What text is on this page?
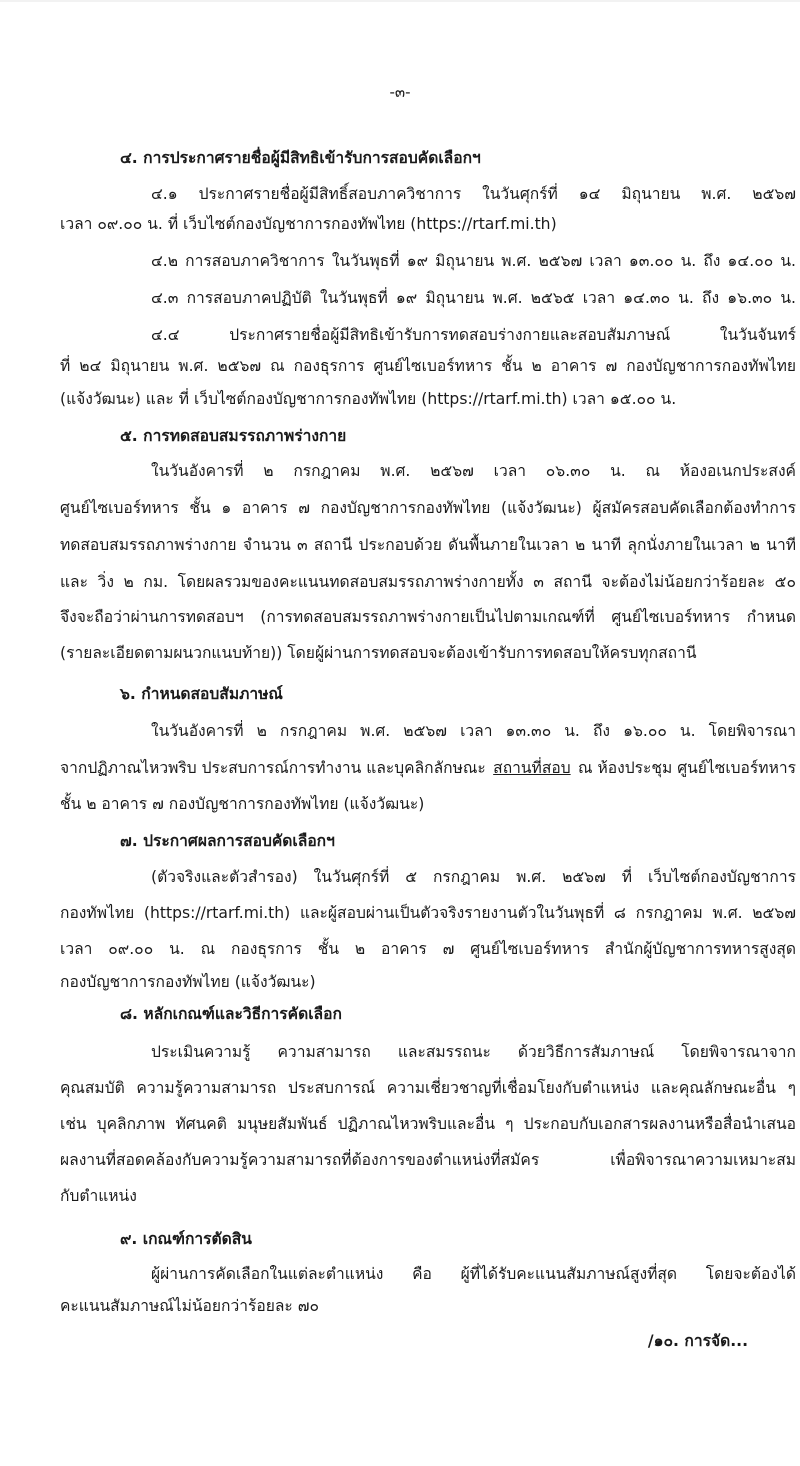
-๓-
๔. การประกาศรายชื่อผู้มีสิทธิเข้ารับการสอบคัดเลือกฯ
๔.๑ ประกาศรายชื่อผู้มีสิทธิ์สอบภาควิชาการ ในวันศุกร์ที่ ๑๔ มิถุนายน พ.ศ. ๒๕๖๗
เวลา ๐๙.๐๐ น. ที่ เว็บไซต์กองบัญชาการกองทัพไทย (https://rtarf.mi.th)
๔.๒ การสอบภาควิชาการ ในวันพุธที่ ๑๙ มิถุนายน พ.ศ. ๒๕๖๗ เวลา ๑๓.๐๐ น. ถึง ๑๔.๐๐ น.
๔.๓ การสอบภาคปฏิบัติ ในวันพุธที่ ๑๙ มิถุนายน พ.ศ. ๒๕๖๕ เวลา ๑๔.๓๐ น. ถึง ๑๖.๓๐ น.
๔.๔ ประกาศรายชื่อผู้มีสิทธิเข้ารับการทดสอบร่างกายและสอบสัมภาษณ์ ในวันจันทร์
ที่ ๒๔ มิถุนายน พ.ศ. ๒๕๖๗ ณ กองธุรการ ศูนย์ไซเบอร์ทหาร ชั้น ๒ อาคาร ๗ กองบัญชาการกองทัพไทย
(แจ้งวัฒนะ) และ ที่ เว็บไซต์กองบัญชาการกองทัพไทย (https://rtarf.mi.th) เวลา ๑๕.๐๐ น.
๕. การทดสอบสมรรถภาพร่างกาย
ในวันอังคารที่ ๒ กรกฎาคม พ.ศ. ๒๕๖๗ เวลา ๐๖.๓๐ น. ณ ห้องอเนกประสงค์
ศูนย์ไซเบอร์ทหาร ชั้น ๑ อาคาร ๗ กองบัญชาการกองทัพไทย (แจ้งวัฒนะ) ผู้สมัครสอบคัดเลือกต้องทำการ
ทดสอบสมรรถภาพร่างกาย จำนวน ๓ สถานี ประกอบด้วย ดันพื้นภายในเวลา ๒ นาที ลุกนั่งภายในเวลา ๒ นาที
และ วิ่ง ๒ กม. โดยผลรวมของคะแนนทดสอบสมรรถภาพร่างกายทั้ง ๓ สถานี จะต้องไม่น้อยกว่าร้อยละ ๕๐
จึงจะถือว่าผ่านการทดสอบฯ (การทดสอบสมรรถภาพร่างกายเป็นไปตามเกณฑ์ที่ ศูนย์ไซเบอร์ทหาร กำหนด
(รายละเอียดตามผนวกแนบท้าย)) โดยผู้ผ่านการทดสอบจะต้องเข้ารับการทดสอบให้ครบทุกสถานี
๖. กำหนดสอบสัมภาษณ์
ในวันอังคารที่ ๒ กรกฎาคม พ.ศ. ๒๕๖๗ เวลา ๑๓.๓๐ น. ถึง ๑๖.๐๐ น. โดยพิจารณา
จากปฏิภาณไหวพริบ ประสบการณ์การทำงาน และบุคลิกลักษณะ สถานที่สอบ ณ ห้องประชุม ศูนย์ไซเบอร์ทหาร
ชั้น ๒ อาคาร ๗ กองบัญชาการกองทัพไทย (แจ้งวัฒนะ)
๗. ประกาศผลการสอบคัดเลือกฯ
(ตัวจริงและตัวสำรอง) ในวันศุกร์ที่ ๕ กรกฎาคม พ.ศ. ๒๕๖๗ ที่ เว็บไซต์กองบัญชาการ
กองทัพไทย (https://rtarf.mi.th) และผู้สอบผ่านเป็นตัวจริงรายงานตัวในวันพุธที่ ๘ กรกฎาคม พ.ศ. ๒๕๖๗
เวลา ๐๙.๐๐ น. ณ กองธุรการ ชั้น ๒ อาคาร ๗ ศูนย์ไซเบอร์ทหาร สำนักผู้บัญชาการทหารสูงสุด
กองบัญชาการกองทัพไทย (แจ้งวัฒนะ)
๘. หลักเกณฑ์และวิธีการคัดเลือก
ประเมินความรู้ ความสามารถ และสมรรถนะ ด้วยวิธีการสัมภาษณ์ โดยพิจารณาจาก
คุณสมบัติ ความรู้ความสามารถ ประสบการณ์ ความเชี่ยวชาญที่เชื่อมโยงกับตำแหน่ง และคุณลักษณะอื่น ๆ
เช่น บุคลิกภาพ ทัศนคติ มนุษยสัมพันธ์ ปฏิภาณไหวพริบและอื่น ๆ ประกอบกับเอกสารผลงานหรือสื่อนำเสนอ
ผลงานที่สอดคล้องกับความรู้ความสามารถที่ต้องการของตำแหน่งที่สมัคร เพื่อพิจารณาความเหมาะสม
กับตำแหน่ง
๙. เกณฑ์การตัดสิน
ผู้ผ่านการคัดเลือกในแต่ละตำแหน่ง คือ ผู้ที่ได้รับคะแนนสัมภาษณ์สูงที่สุด โดยจะต้องได้
คะแนนสัมภาษณ์ไม่น้อยกว่าร้อยละ ๗๐
/๑๐. การจัด...
